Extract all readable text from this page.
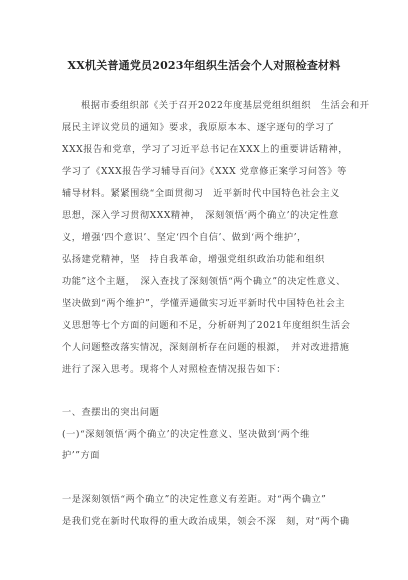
XX机关普通党员2023年组织生活会个人对照检查材料
根据市委组织部《关于召开2022年度基层党组织组织　生活会和开
展民主评议党员的通知》要求，我原原本本、逐字逐句的学习了
XXX报告和党章，学习了习近平总书记在XXX上的重要讲话精神，
学习了《XXX报告学习辅导百问》《XXX 党章修正案学习问答》等
辅导材料。紧紧围绕“全面贯彻习　近平新时代中国特色社会主义
思想，深入学习贯彻XXX精神，　深刻领悟‘两个确立’的决定性意
义，增强‘四个意识’、坚定‘四个自信’、做到‘两个维护’，
弘扬建党精神，坚　持自我革命，增强党组织政治功能和组织
功能”这个主题，　深入查找了深刻领悟“两个确立”的决定性意义、
坚决做到“两个维护”，学懂弄通做实习近平新时代中国特色社会主
义思想等七个方面的问题和不足，分析研判了2021年度组织生活会
个人问题整改落实情况，深刻剖析存在问题的根源，　并对改进措施
进行了深入思考。现将个人对照检查情况报告如下：
一、查摆出的突出问题
(一)“深刻领悟‘两个确立’的决定性意义、坚决做到‘两个维
护’”方面
一是深刻领悟“两个确立”的决定性意义有差距。对“两个确立”
是我们党在新时代取得的重大政治成果，领会不深　刻，对“两个确
